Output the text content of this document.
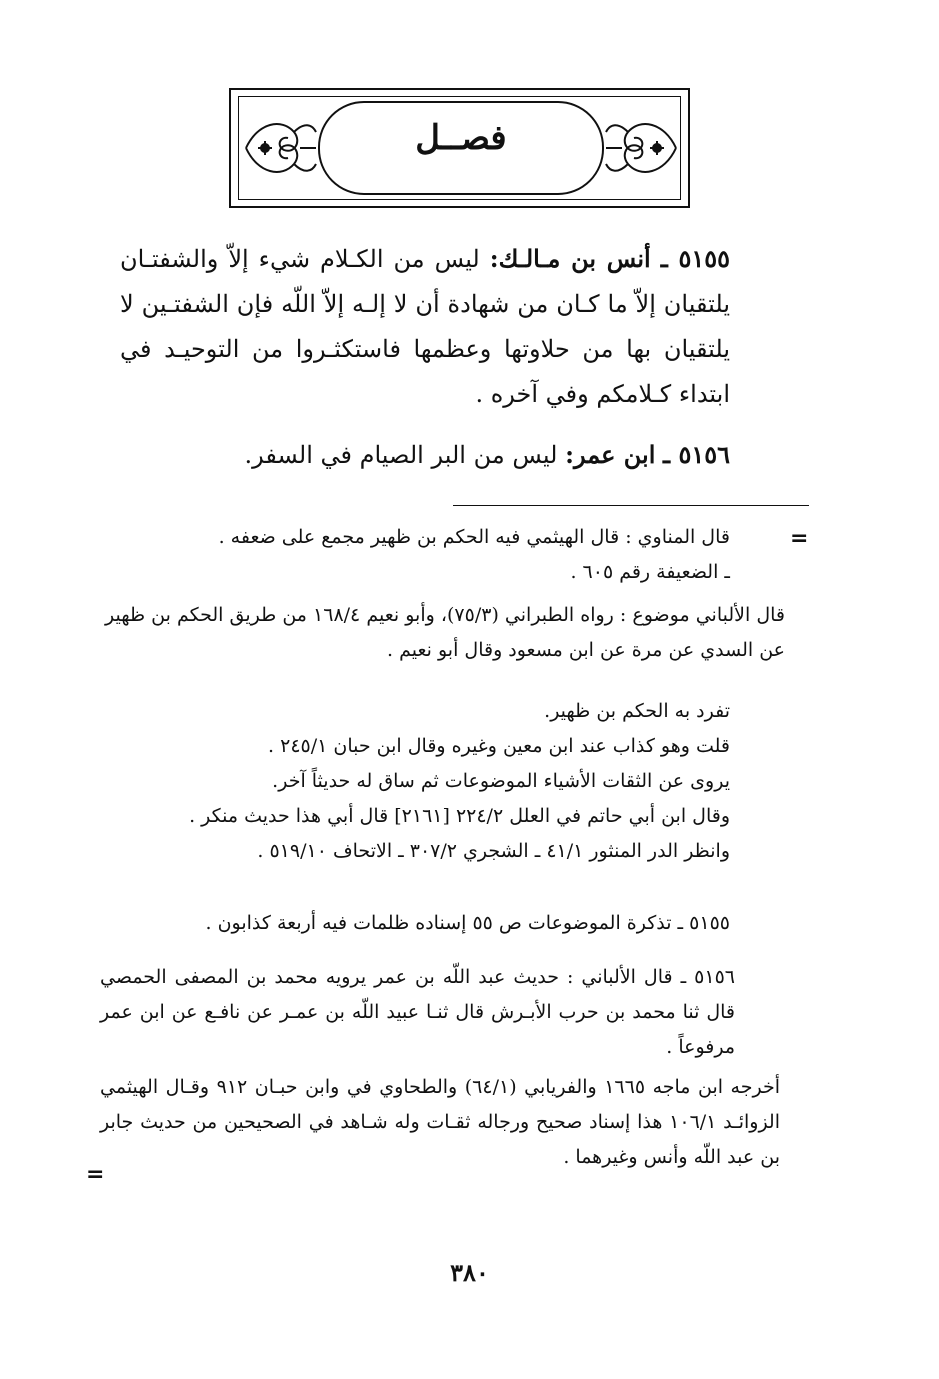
فصــل
٥١٥٥ ـ أنس بن مـالـك: ليس من الكـلام شيء إلاّ والشفتـان يلتقيان إلاّ ما كـان من شهادة أن لا إلـه إلاّ اللّه فإن الشفتـين لا يلتقيان بها من حلاوتها وعظمها فاستكثـروا من التوحيـد في ابتداء كـلامكم وفي آخره .
٥١٥٦ ـ ابن عمر: ليس من البر الصيام في السفر.
=

قال المناوي : قال الهيثمي فيه الحكم بن ظهير مجمع على ضعفه .

ـ الضعيفة رقم ٦٠٥ .

قال الألباني موضوع : رواه الطبراني (٧٥/٣)، وأبو نعيم ١٦٨/٤ من طريق الحكم بن ظهير عن السدي عن مرة عن ابن مسعود وقال أبو نعيم .

تفرد به الحكم بن ظهير.

قلت وهو كذاب عند ابن معين وغيره وقال ابن حبان ٢٤٥/١ .

يروى عن الثقات الأشياء الموضوعات ثم ساق له حديثاً آخر.

وقال ابن أبي حاتم في العلل ٢٢٤/٢ [٢١٦١] قال أبي هذا حديث منكر .

وانظر الدر المنثور ٤١/١ ـ الشجري ٣٠٧/٢ ـ الاتحاف ٥١٩/١٠ .

٥١٥٥ ـ تذكرة الموضوعات ص ٥٥ إسناده ظلمات فيه أربعة كذابون .

٥١٥٦ ـ قال الألباني : حديث عبد اللّه بن عمر يرويه محمد بن المصفى الحمصي قال ثنا محمد بن حرب الأبـرش قال ثنـا عبيد اللّه بن عمـر عن نافـع عن ابن عمر مرفوعاً .

أخرجه ابن ماجه ١٦٦٥ والفريابي (٦٤/١) والطحاوي في وابن حبـان ٩١٢ وقـال الهيثمي الزوائـد ١٠٦/١ هذا إسناد صحيح ورجاله ثقـات وله شـاهد في الصحيحين من حديث جابر بن عبد اللّه وأنس وغيرهما .

=
٣٨٠
